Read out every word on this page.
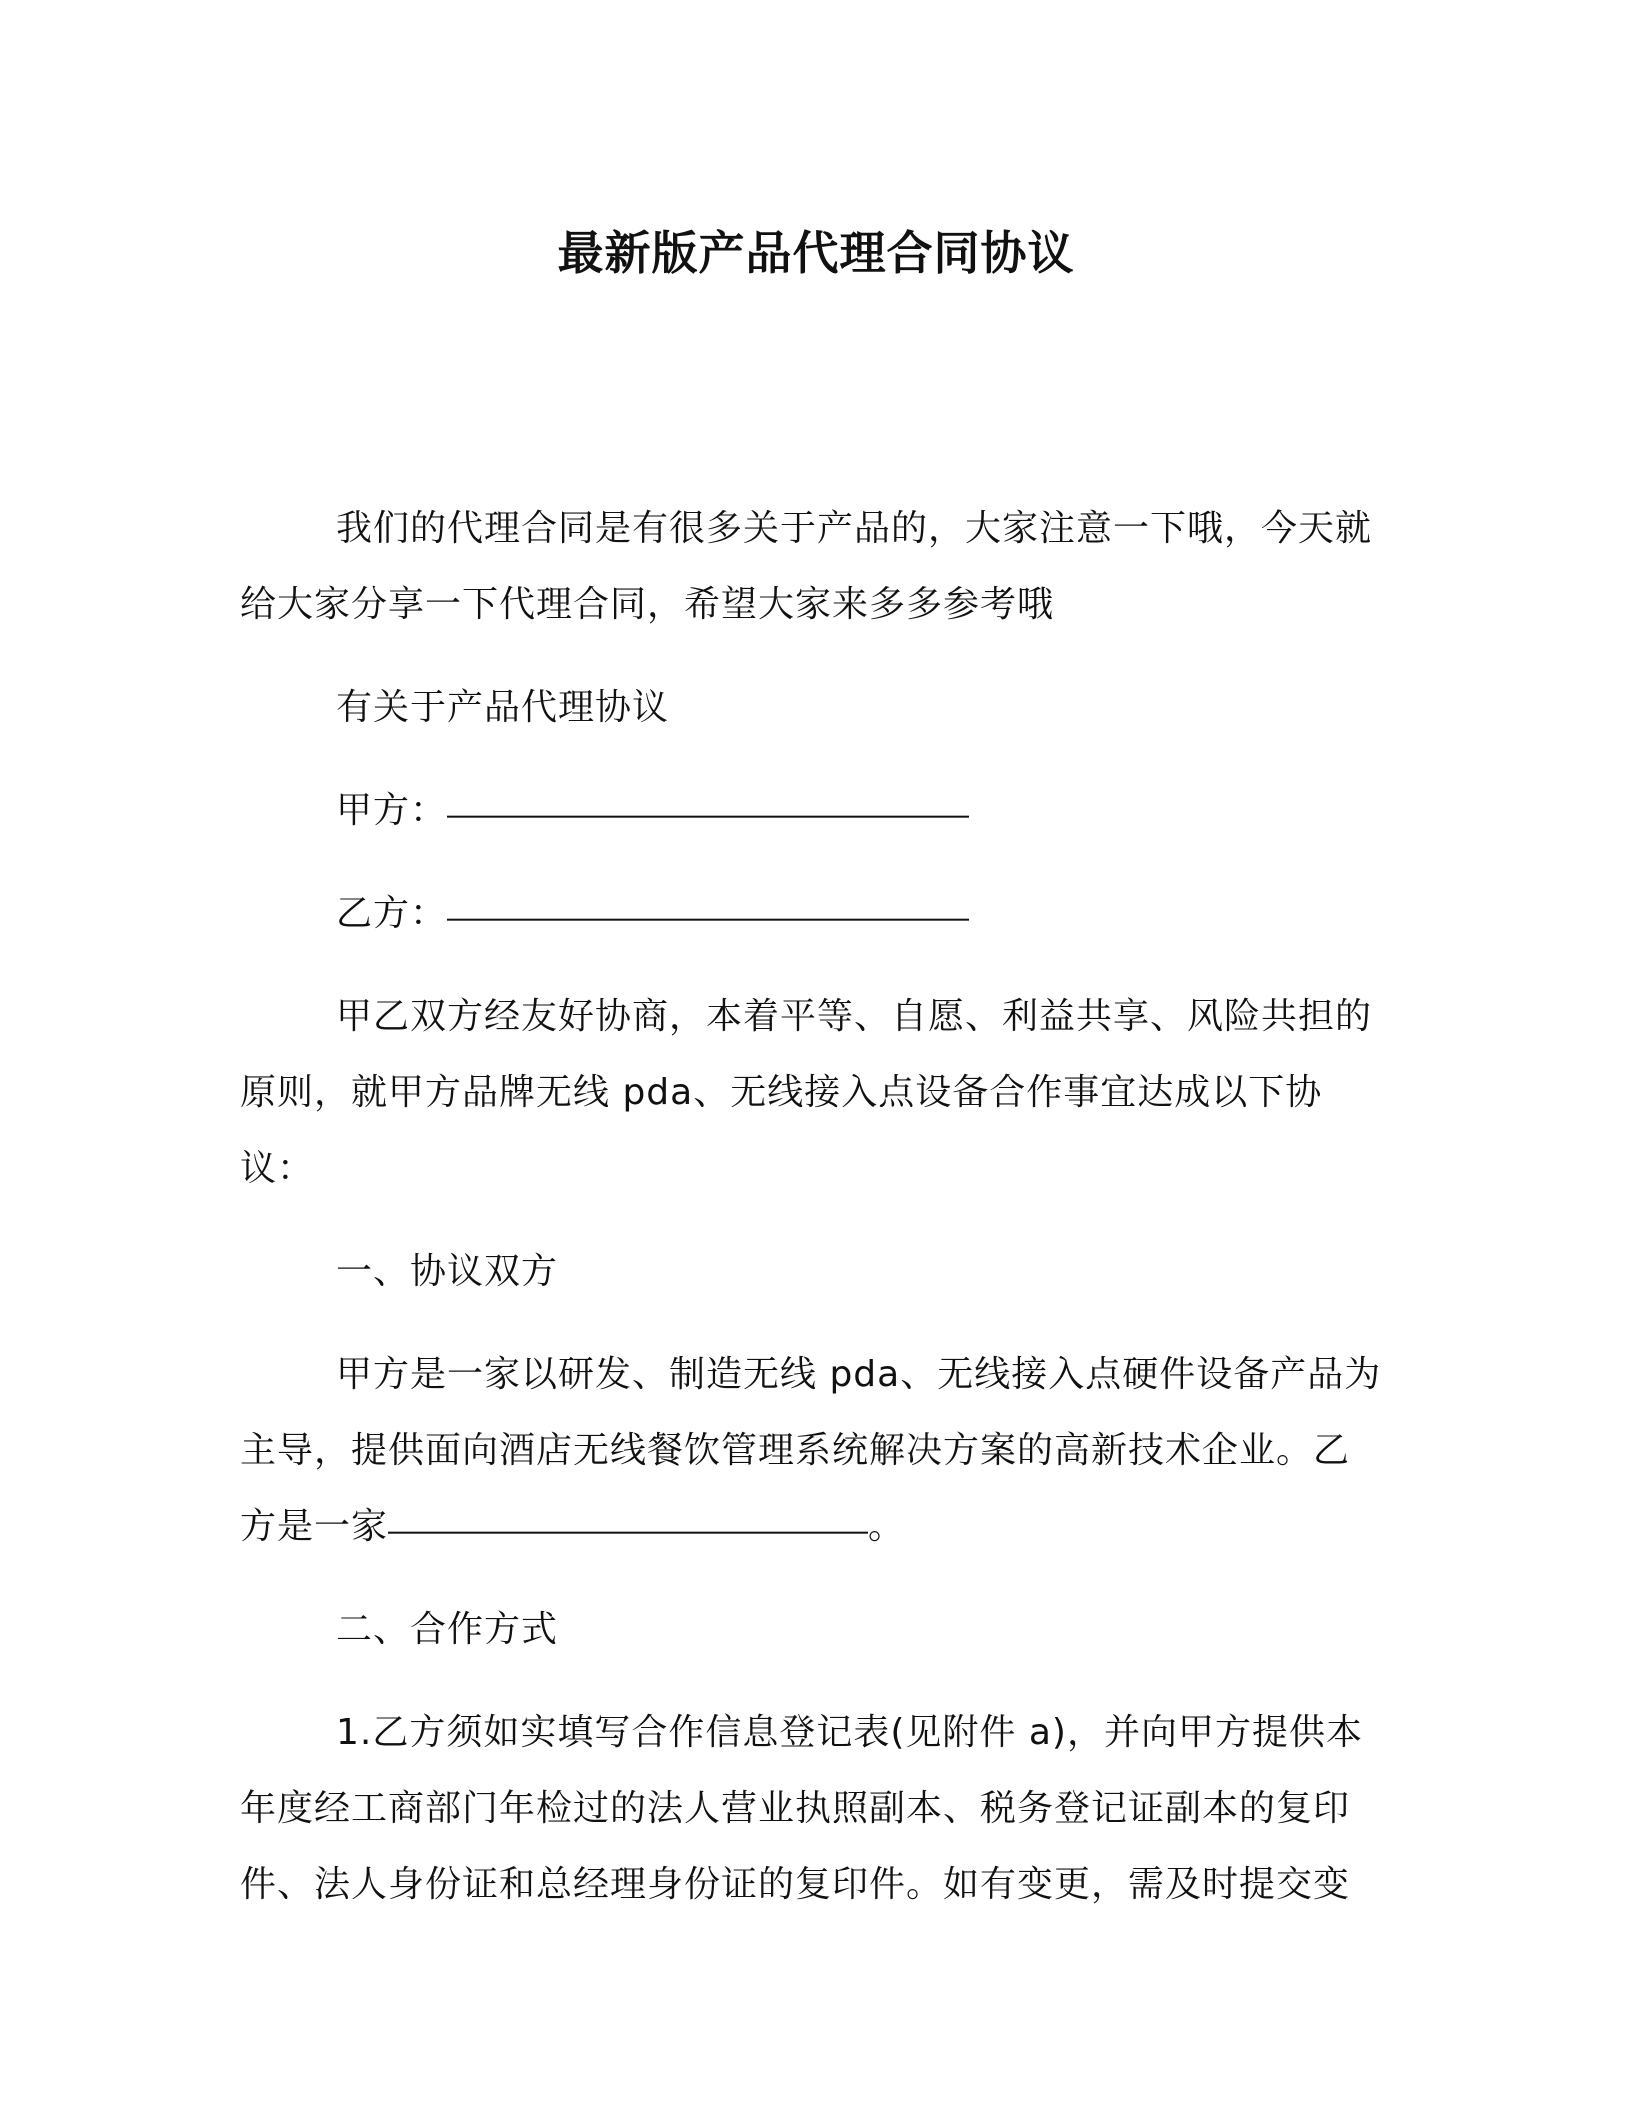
最新版产品代理合同协议

我们的代理合同是有很多关于产品的，大家注意一下哦，今天就给大家分享一下代理合同，希望大家来多多参考哦

有关于产品代理协议

甲方：

乙方：

甲乙双方经友好协商，本着平等、自愿、利益共享、风险共担的原则，就甲方品牌无线 pda、无线接入点设备合作事宜达成以下协议：

一、协议双方

甲方是一家以研发、制造无线 pda、无线接入点硬件设备产品为主导，提供面向酒店无线餐饮管理系统解决方案的高新技术企业。乙方是一家	。

二、合作方式

1.乙方须如实填写合作信息登记表(见附件 a)，并向甲方提供本年度经工商部门年检过的法人营业执照副本、税务登记证副本的复印件、法人身份证和总经理身份证的复印件。如有变更，需及时提交变
